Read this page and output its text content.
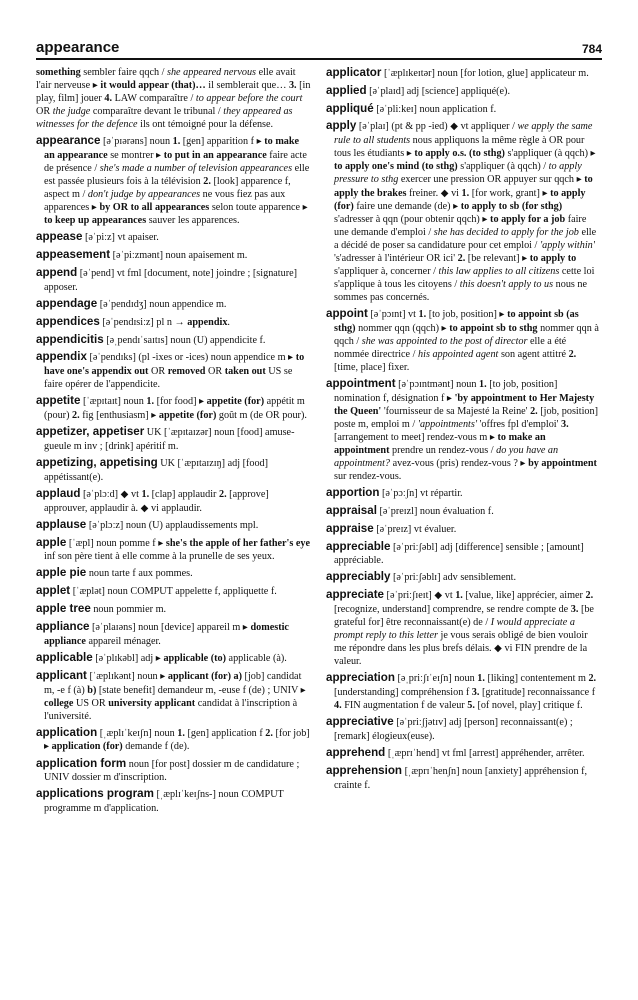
appearance	784

something sembler faire qqch / she appeared nervous elle avait l'air nerveuse ▸ it would appear (that)… il semblerait que… 3. [in play, film] jouer 4. LAW comparaître / to appear before the court OR the judge comparaître devant le tribunal / they appeared as witnesses for the defence ils ont témoigné pour la défense.

appearance [əˈpɪərəns] noun 1. [gen] apparition f ▸ to make an appearance se montrer ▸ to put in an appearance faire acte de présence / she's made a number of television appearances elle est passée plusieurs fois à la télévision 2. [look] apparence f, aspect m / don't judge by appearances ne vous fiez pas aux apparences ▸ by OR to all appearances selon toute apparence ▸ to keep up appearances sauver les apparences.

appease [əˈpiːz] vt apaiser.

appeasement [əˈpiːzmənt] noun apaisement m.

append [əˈpend] vt fml [document, note] joindre ; [signature] apposer.

appendage [əˈpendɪdʒ] noun appendice m.

appendices [əˈpendɪsiːz] pl n → appendix.

appendicitis [əˌpendɪˈsaɪtɪs] noun (U) appendicite f.

appendix [əˈpendɪks] (pl -ixes or -ices) noun appendice m ▸ to have one's appendix out OR removed OR taken out US se faire opérer de l'appendicite.

appetite [ˈæpɪtaɪt] noun 1. [for food] ▸ appetite (for) appétit m (pour) 2. fig [enthusiasm] ▸ appetite (for) goût m (de OR pour).

appetizer, appetiser UK [ˈæpɪtaɪzər] noun [food] amuse-gueule m inv ; [drink] apéritif m.

appetizing, appetising UK [ˈæpɪtaɪzɪŋ] adj [food] appétissant(e).

applaud [əˈplɔːd] ◆ vt 1. [clap] applaudir 2. [approve] approuver, applaudir à. ◆ vi applaudir.

applause [əˈplɔːz] noun (U) applaudissements mpl.

apple [ˈæpl] noun pomme f ▸ she's the apple of her father's eye inf son père tient à elle comme à la prunelle de ses yeux.

apple pie noun tarte f aux pommes.

applet [ˈæplət] noun COMPUT appelette f, appliquette f.

apple tree noun pommier m.

appliance [əˈplaɪəns] noun [device] appareil m ▸ domestic appliance appareil ménager.

applicable [əˈplɪkəbl] adj ▸ applicable (to) applicable (à).

applicant [ˈæplɪkənt] noun ▸ applicant (for) a) [job] candidat m, -e f (à) b) [state benefit] demandeur m, -euse f (de) ; UNIV ▸ college US OR university applicant candidat à l'inscription à l'université.

application [ˌæplɪˈkeɪʃn] noun 1. [gen] application f 2. [for job] ▸ application (for) demande f (de).

application form noun [for post] dossier m de candidature ; UNIV dossier m d'inscription.

applications program [ˌæplɪˈkeɪʃns-] noun COMPUT programme m d'application.

applicator [ˈæplɪkeɪtər] noun [for lotion, glue] applicateur m.

applied [əˈplaɪd] adj [science] appliqué(e).

appliqué [əˈpliːkeɪ] noun application f.

apply [əˈplaɪ] (pt & pp -ied) ◆ vt appliquer / we apply the same rule to all students nous appliquons la même règle à OR pour tous les étudiants ▸ to apply o.s. (to sthg) s'appliquer (à qqch) ▸ to apply one's mind (to sthg) s'appliquer (à qqch) / to apply pressure to sthg exercer une pression OR appuyer sur qqch ▸ to apply the brakes freiner. ◆ vi 1. [for work, grant] ▸ to apply (for) faire une demande (de) ▸ to apply to sb (for sthg) s'adresser à qqn (pour obtenir qqch) ▸ to apply for a job faire une demande d'emploi / she has decided to apply for the job elle a décidé de poser sa candidature pour cet emploi / 'apply within' 's'adresser à l'intérieur OR ici' 2. [be relevant] ▸ to apply to s'appliquer à, concerner / this law applies to all citizens cette loi s'applique à tous les citoyens / this doesn't apply to us nous ne sommes pas concernés.

appoint [əˈpɔɪnt] vt 1. [to job, position] ▸ to appoint sb (as sthg) nommer qqn (qqch) ▸ to appoint sb to sthg nommer qqn à qqch / she was appointed to the post of director elle a été nommée directrice / his appointed agent son agent attitré 2. [time, place] fixer.

appointment [əˈpɔɪntmənt] noun 1. [to job, position] nomination f, désignation f ▸ 'by appointment to Her Majesty the Queen' 'fournisseur de sa Majesté la Reine' 2. [job, position] poste m, emploi m / 'appointments' 'offres fpl d'emploi' 3. [arrangement to meet] rendez-vous m ▸ to make an appointment prendre un rendez-vous / do you have an appointment? avez-vous (pris) rendez-vous ? ▸ by appointment sur rendez-vous.

apportion [əˈpɔːʃn] vt répartir.

appraisal [əˈpreɪzl] noun évaluation f.

appraise [əˈpreɪz] vt évaluer.

appreciable [əˈpriːʃəbl] adj [difference] sensible ; [amount] appréciable.

appreciably [əˈpriːʃəblɪ] adv sensiblement.

appreciate [əˈpriːʃɪeɪt] ◆ vt 1. [value, like] apprécier, aimer 2. [recognize, understand] comprendre, se rendre compte de 3. [be grateful for] être reconnaissant(e) de / I would appreciate a prompt reply to this letter je vous serais obligé de bien vouloir me répondre dans les plus brefs délais. ◆ vi FIN prendre de la valeur.

appreciation [əˌpriːʃɪˈeɪʃn] noun 1. [liking] contentement m 2. [understanding] compréhension f 3. [gratitude] reconnaissance f 4. FIN augmentation f de valeur 5. [of novel, play] critique f.

appreciative [əˈpriːʃjətɪv] adj [person] reconnaissant(e) ; [remark] élogieux(euse).

apprehend [ˌæprɪˈhend] vt fml [arrest] appréhender, arrêter.

apprehension [ˌæprɪˈhenʃn] noun [anxiety] appréhension f, crainte f.
